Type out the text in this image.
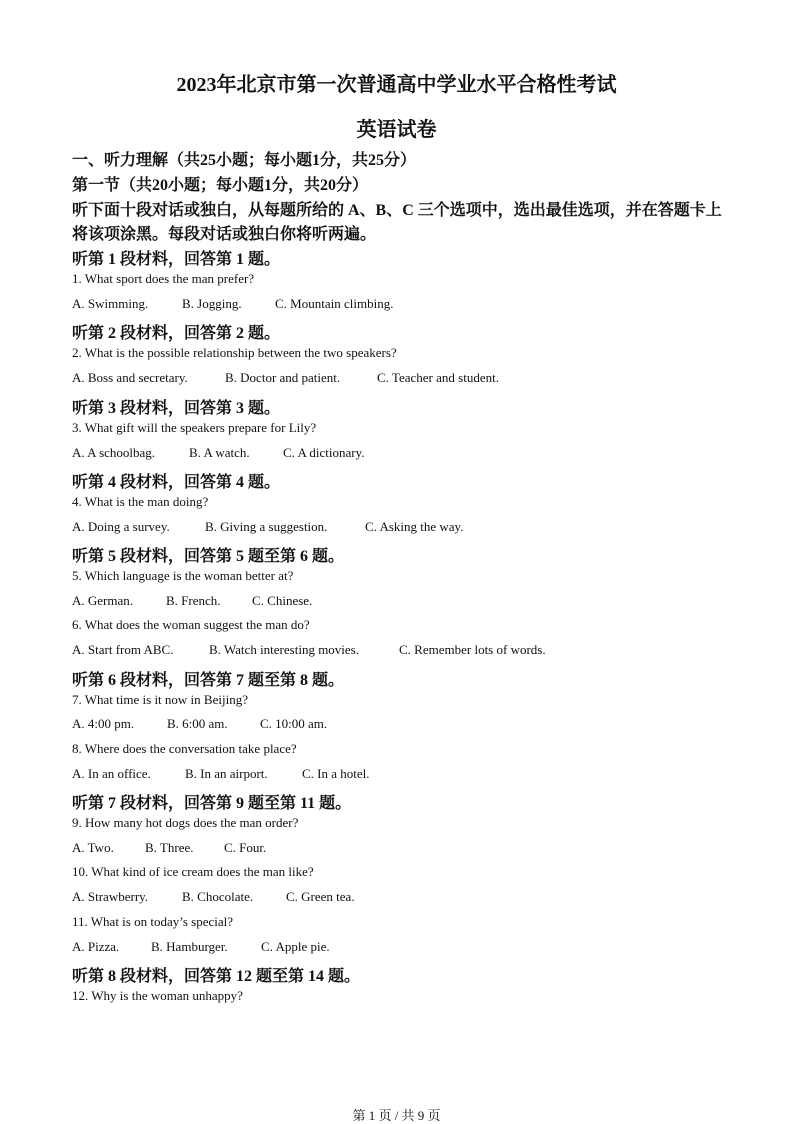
2023年北京市第一次普通高中学业水平合格性考试
英语试卷
一、听力理解（共25小题；每小题1分，共25分）
第一节（共20小题；每小题1分，共20分）
听下面十段对话或独白，从每题所给的 A、B、C 三个选项中，选出最佳选项，并在答题卡上
将该项涂黑。每段对话或独白你将听两遍。
听第 1 段材料，回答第 1 题。
1. What sport does the man prefer?
A. Swimming.	B. Jogging.	C. Mountain climbing.
听第 2 段材料，回答第 2 题。
2. What is the possible relationship between the two speakers?
A. Boss and secretary.	B. Doctor and patient.	C. Teacher and student.
听第 3 段材料，回答第 3 题。
3. What gift will the speakers prepare for Lily?
A. A schoolbag.	B. A watch.	C. A dictionary.
听第 4 段材料，回答第 4 题。
4. What is the man doing?
A. Doing a survey.	B. Giving a suggestion.	C. Asking the way.
听第 5 段材料，回答第 5 题至第 6 题。
5. Which language is the woman better at?
A. German.	B. French. C. Chinese.
6. What does the woman suggest the man do?
A. Start from ABC.	B. Watch interesting movies.	C. Remember lots of words.
听第 6 段材料，回答第 7 题至第 8 题。
7. What time is it now in Beijing?
A. 4:00 pm.	B. 6:00 am. C. 10:00 am.
8. Where does the conversation take place?
A. In an office.	B. In an airport.	C. In a hotel.
听第 7 段材料，回答第 9 题至第 11 题。
9. How many hot dogs does the man order?
A. Two. B. Three. C. Four.
10. What kind of ice cream does the man like?
A. Strawberry.	B. Chocolate.	C. Green tea.
11. What is on today’s special?
A. Pizza. B. Hamburger.	C. Apple pie.
听第 8 段材料，回答第 12 题至第 14 题。
12. Why is the woman unhappy?
第 1 页 / 共 9 页
